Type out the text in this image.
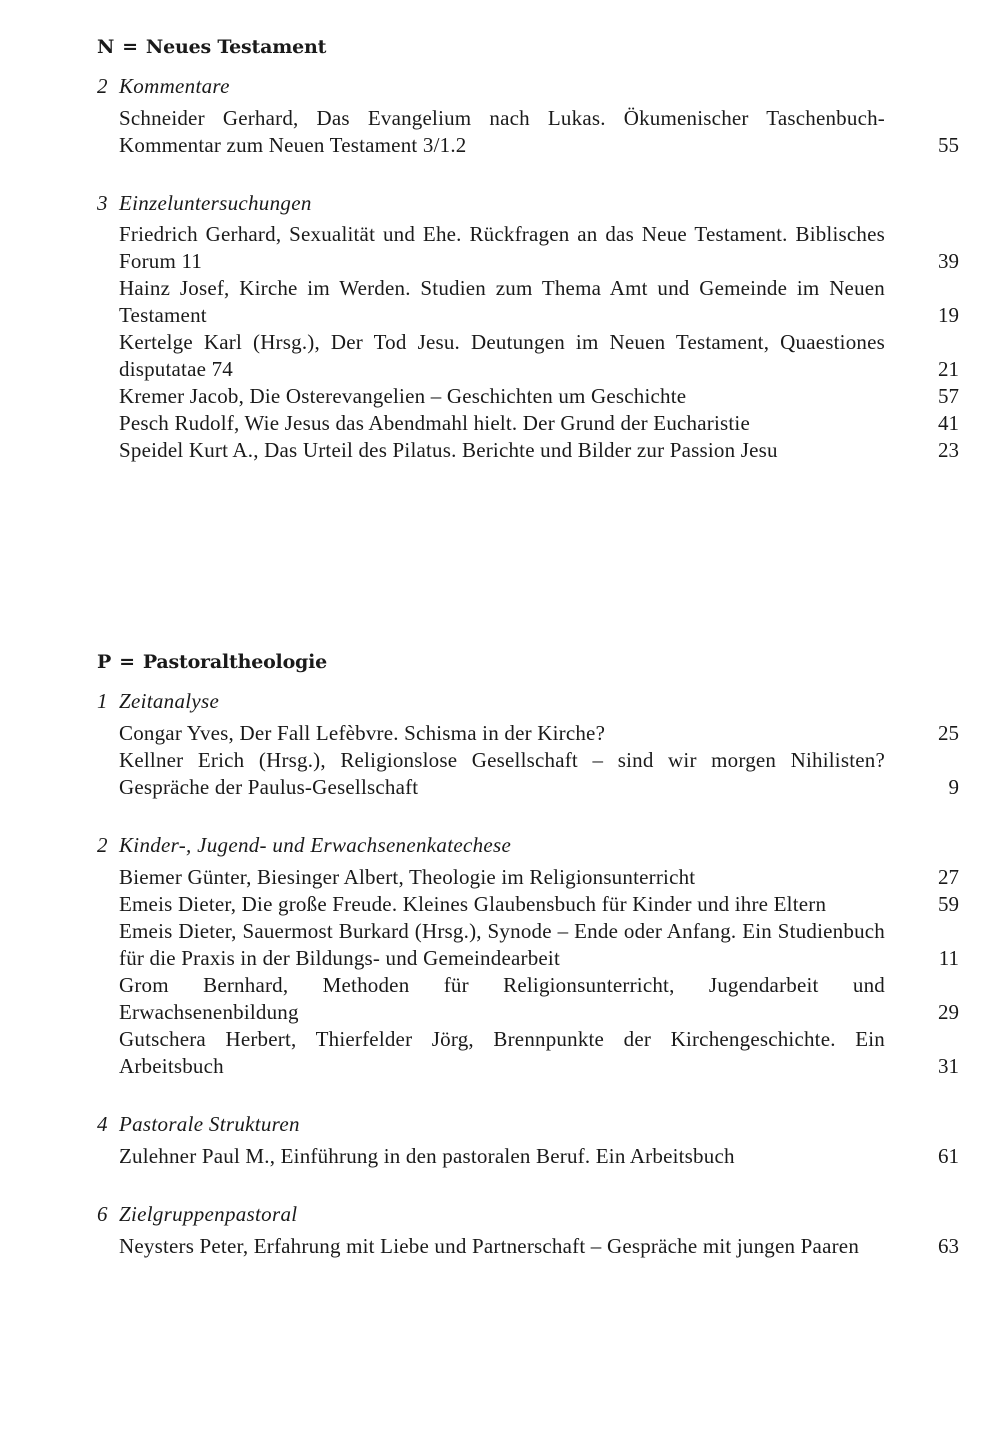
N = Neues Testament
2 Kommentare
Schneider Gerhard, Das Evangelium nach Lukas. Ökumenischer Taschenbuch-Kommentar zum Neuen Testament 3/1.2	55
3 Einzeluntersuchungen
Friedrich Gerhard, Sexualität und Ehe. Rückfragen an das Neue Testament. Biblisches Forum 11	39
Hainz Josef, Kirche im Werden. Studien zum Thema Amt und Gemeinde im Neuen Testament	19
Kertelge Karl (Hrsg.), Der Tod Jesu. Deutungen im Neuen Testament, Quaestiones disputatae 74	21
Kremer Jacob, Die Osterevangelien – Geschichten um Geschichte	57
Pesch Rudolf, Wie Jesus das Abendmahl hielt. Der Grund der Eucharistie	41
Speidel Kurt A., Das Urteil des Pilatus. Berichte und Bilder zur Passion Jesu	23
P = Pastoraltheologie
1 Zeitanalyse
Congar Yves, Der Fall Lefèbvre. Schisma in der Kirche?	25
Kellner Erich (Hrsg.), Religionslose Gesellschaft – sind wir morgen Nihilisten? Gespräche der Paulus-Gesellschaft	9
2 Kinder-, Jugend- und Erwachsenenkatechese
Biemer Günter, Biesinger Albert, Theologie im Religionsunterricht	27
Emeis Dieter, Die große Freude. Kleines Glaubensbuch für Kinder und ihre Eltern	59
Emeis Dieter, Sauermost Burkard (Hrsg.), Synode – Ende oder Anfang. Ein Studienbuch für die Praxis in der Bildungs- und Gemeindearbeit	11
Grom Bernhard, Methoden für Religionsunterricht, Jugendarbeit und Erwachsenenbildung	29
Gutschera Herbert, Thierfelder Jörg, Brennpunkte der Kirchengeschichte. Ein Arbeitsbuch	31
4 Pastorale Strukturen
Zulehner Paul M., Einführung in den pastoralen Beruf. Ein Arbeitsbuch	61
6 Zielgruppenpastoral
Neysters Peter, Erfahrung mit Liebe und Partnerschaft – Gespräche mit jungen Paaren	63
